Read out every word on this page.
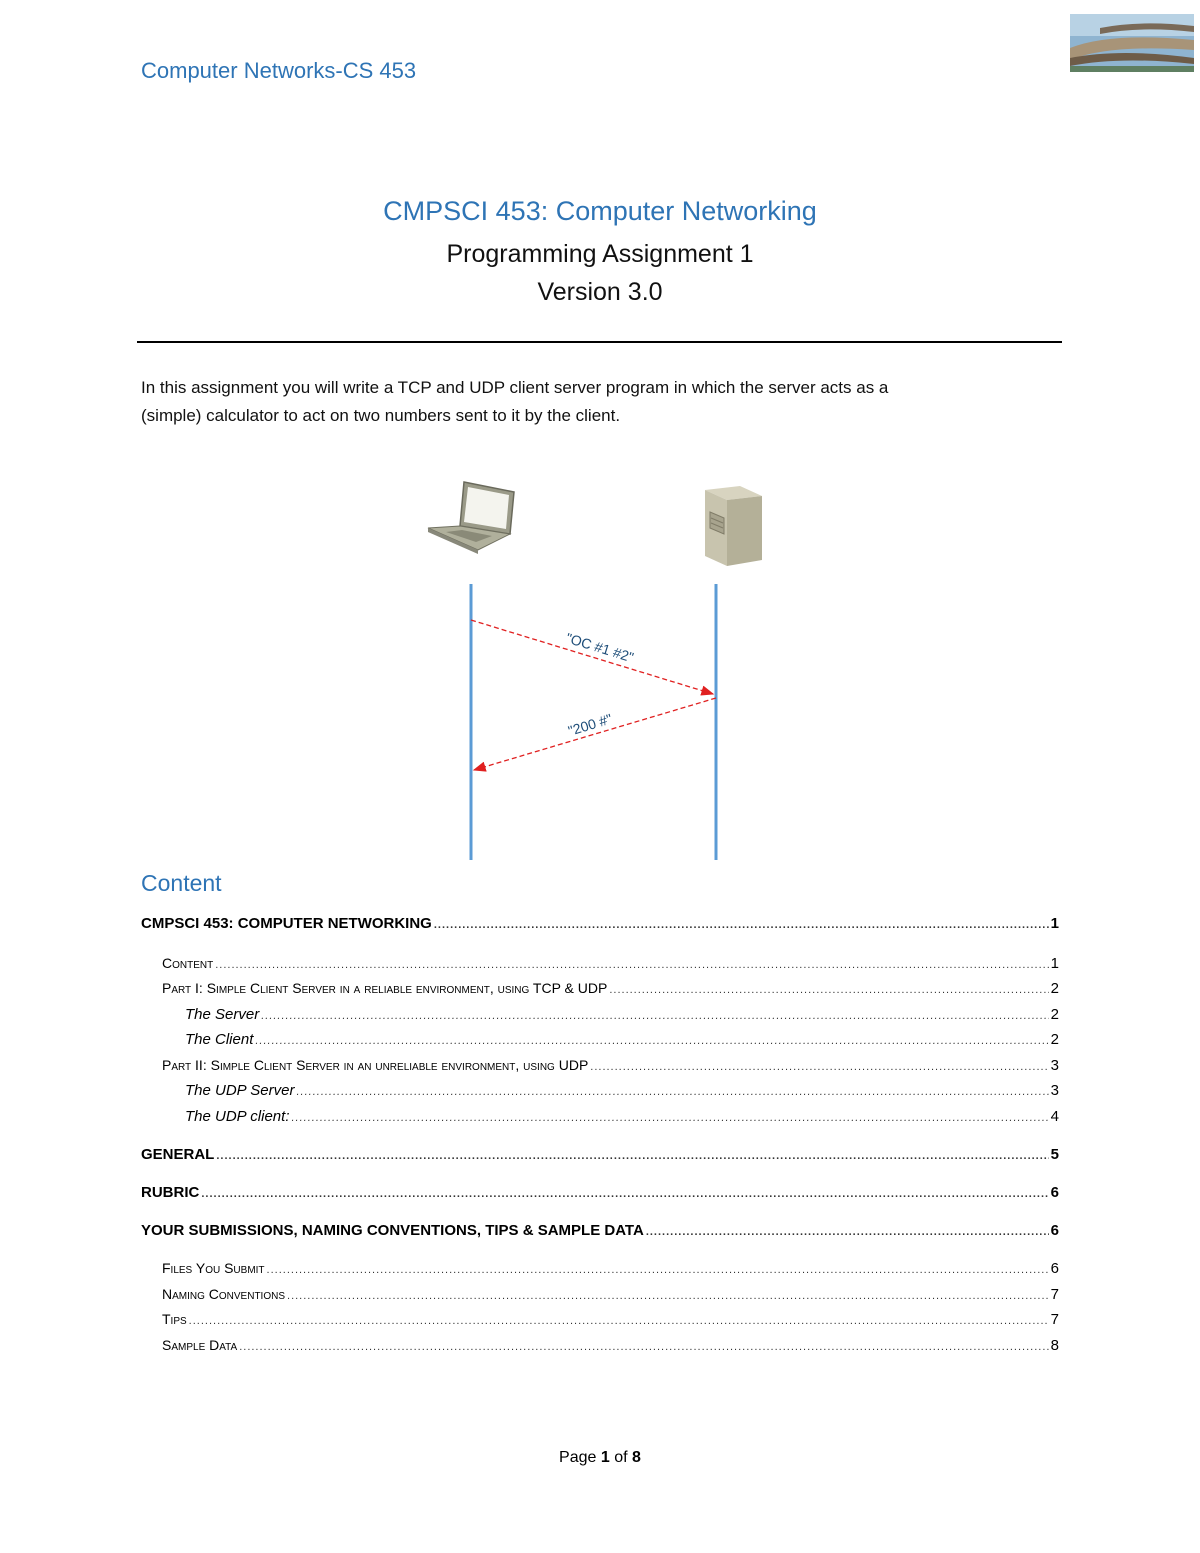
Computer Networks-CS 453
CMPSCI 453: Computer Networking
Programming Assignment 1
Version 3.0
In this assignment you will write a TCP and UDP client server program in which the server acts as a
(simple) calculator to act on two numbers sent to it by the client.
"OC #1 #2"
"200 #"
Content
CMPSCI 453: COMPUTER NETWORKING .....	1
Content .....	1
Part I: Simple Client Server in a reliable environment, using TCP & UDP .....	2
The Server .....	2
The Client .....	2
Part II: Simple Client Server in an unreliable environment, using UDP .....	3
The UDP Server .....	3
The UDP client: .....	4
GENERAL .....	5
RUBRIC .....	6
YOUR SUBMISSIONS, NAMING CONVENTIONS, TIPS & SAMPLE DATA .....	6
Files You Submit .....	6
Naming Conventions .....	7
Tips .....	7
Sample Data .....	8
Page 1 of 8
